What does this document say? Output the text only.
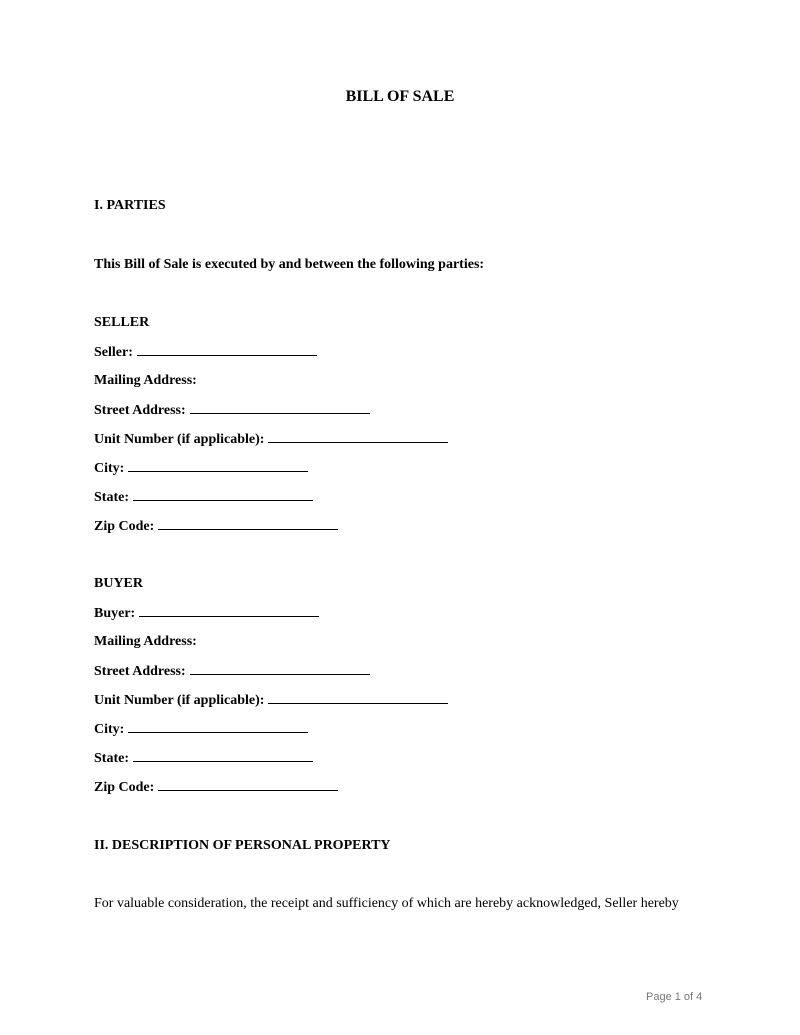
BILL OF SALE
I. PARTIES
This Bill of Sale is executed by and between the following parties:
SELLER
Seller:
Mailing Address:
Street Address:
Unit Number (if applicable):
City:
State:
Zip Code:
BUYER
Buyer:
Mailing Address:
Street Address:
Unit Number (if applicable):
City:
State:
Zip Code:
II. DESCRIPTION OF PERSONAL PROPERTY
For valuable consideration, the receipt and sufficiency of which are hereby acknowledged, Seller hereby
Page 1 of 4
